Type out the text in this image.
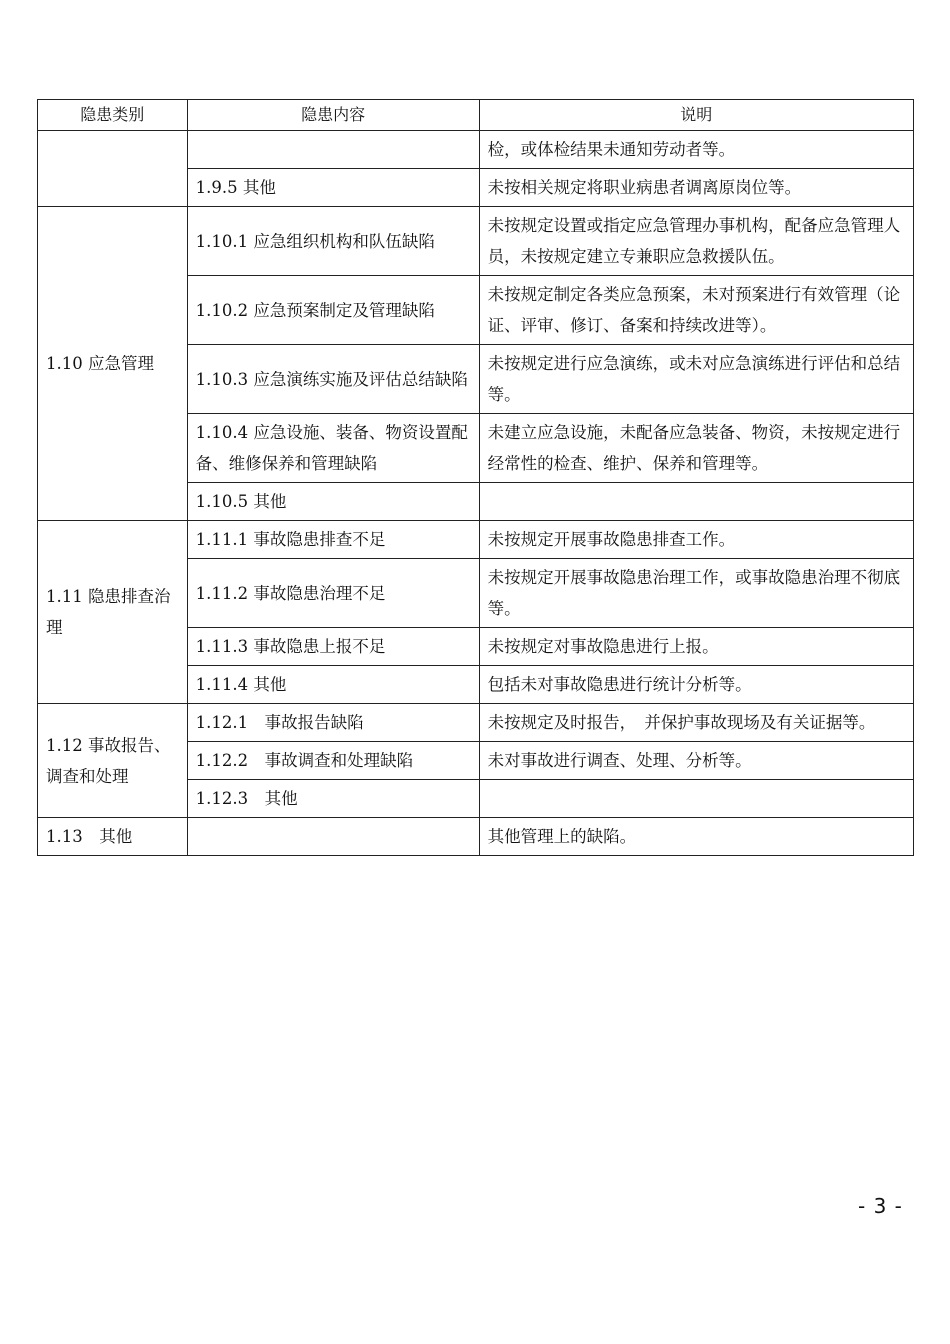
隐患类别	隐患内容	说明
		检，或体检结果未通知劳动者等。
	1.9.5 其他	未按相关规定将职业病患者调离原岗位等。
1.10 应急管理	1.10.1 应急组织机构和队伍缺陷	未按规定设置或指定应急管理办事机构，配备应急管理人员，未按规定建立专兼职应急救援队伍。
	1.10.2 应急预案制定及管理缺陷	未按规定制定各类应急预案，未对预案进行有效管理（论证、评审、修订、备案和持续改进等）。
	1.10.3 应急演练实施及评估总结缺陷	未按规定进行应急演练，或未对应急演练进行评估和总结等。
	1.10.4 应急设施、装备、物资设置配备、维修保养和管理缺陷	未建立应急设施，未配备应急装备、物资，未按规定进行经常性的检查、维护、保养和管理等。
	1.10.5 其他	
1.11 隐患排查治理	1.11.1 事故隐患排查不足	未按规定开展事故隐患排查工作。
	1.11.2 事故隐患治理不足	未按规定开展事故隐患治理工作，或事故隐患治理不彻底等。
	1.11.3 事故隐患上报不足	未按规定对事故隐患进行上报。
	1.11.4 其他	包括未对事故隐患进行统计分析等。
1.12 事故报告、调查和处理	1.12.1　事故报告缺陷	未按规定及时报告，　并保护事故现场及有关证据等。
	1.12.2　事故调查和处理缺陷	未对事故进行调查、处理、分析等。
	1.12.3　其他	
1.13　其他		其他管理上的缺陷。
- 3 -
